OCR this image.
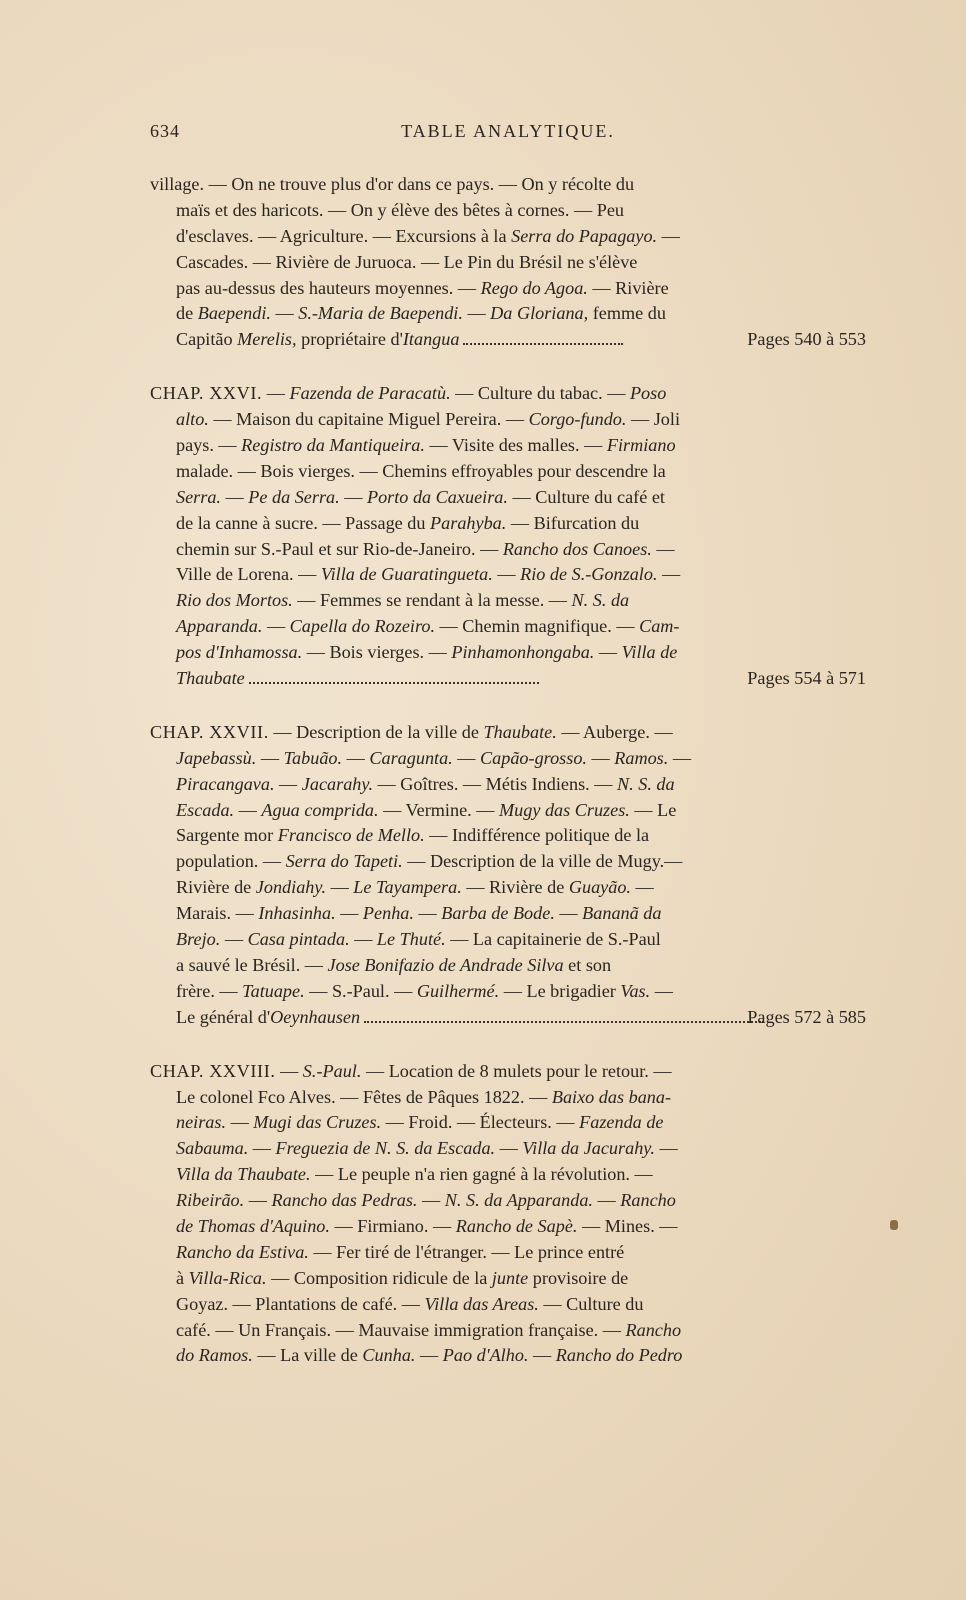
634	TABLE ANALYTIQUE.
village. — On ne trouve plus d'or dans ce pays. — On y récolte du
maïs et des haricots. — On y élève des bêtes à cornes. — Peu
d'esclaves. — Agriculture. — Excursions à la Serra do Papagayo. —
Cascades. — Rivière de Juruoca. — Le Pin du Brésil ne s'élève
pas au-dessus des hauteurs moyennes. — Rego do Agoa. — Rivière
de Baependi. — S.-Maria de Baependi. — Da Gloriana, femme du
Capitão Merelis, propriétaire d'Itangua	Pages 540 à 553
CHAP. XXVI. — Fazenda de Paracatù. — Culture du tabac. — Poso
alto. — Maison du capitaine Miguel Pereira. — Corgo-fundo. — Joli
pays. — Registro da Mantiqueira. — Visite des malles. — Firmiano
malade. — Bois vierges. — Chemins effroyables pour descendre la
Serra. — Pe da Serra. — Porto da Caxueira. — Culture du café et
de la canne à sucre. — Passage du Parahyba. — Bifurcation du
chemin sur S.-Paul et sur Rio-de-Janeiro. — Rancho dos Canoes. —
Ville de Lorena. — Villa de Guaratingueta. — Rio de S.-Gonzalo. —
Rio dos Mortos. — Femmes se rendant à la messe. — N. S. da
Apparanda. — Capella do Rozeiro. — Chemin magnifique. — Cam-
pos d'Inhamossa. — Bois vierges. — Pinhamonhongaba. — Villa de
Thaubate	Pages 554 à 571
CHAP. XXVII. — Description de la ville de Thaubate. — Auberge. —
Japebassù. — Tabuão. — Caragunta. — Capão-grosso. — Ramos. —
Piracangava. — Jacarahy. — Goîtres. — Métis Indiens. — N. S. da
Escada. — Agua comprida. — Vermine. — Mugy das Cruzes. — Le
Sargente mor Francisco de Mello. — Indifférence politique de la
population. — Serra do Tapeti. — Description de la ville de Mugy.—
Rivière de Jondiahy. — Le Tayampera. — Rivière de Guayão. —
Marais. — Inhasinha. — Penha. — Barba de Bode. — Bananã da
Brejo. — Casa pintada. — Le Thuté. — La capitainerie de S.-Paul
a sauvé le Brésil. — Jose Bonifazio de Andrade Silva et son
frère. — Tatuape. — S.-Paul. — Guilhermé. — Le brigadier Vas. —
Le général d'Oeynhausen	Pages 572 à 585
CHAP. XXVIII. — S.-Paul. — Location de 8 mulets pour le retour. —
Le colonel Fco Alves. — Fêtes de Pâques 1822. — Baixo das bana-
neiras. — Mugi das Cruzes. — Froid. — Électeurs. — Fazenda de
Sabauma. — Freguezia de N. S. da Escada. — Villa da Jacurahy. —
Villa da Thaubate. — Le peuple n'a rien gagné à la révolution. —
Ribeirão. — Rancho das Pedras. — N. S. da Apparanda. — Rancho
de Thomas d'Aquino. — Firmiano. — Rancho de Sapè. — Mines. —
Rancho da Estiva. — Fer tiré de l'étranger. — Le prince entré
à Villa-Rica. — Composition ridicule de la junte provisoire de
Goyaz. — Plantations de café. — Villa das Areas. — Culture du
café. — Un Français. — Mauvaise immigration française. — Rancho
do Ramos. — La ville de Cunha. — Pao d'Alho. — Rancho do Pedro
